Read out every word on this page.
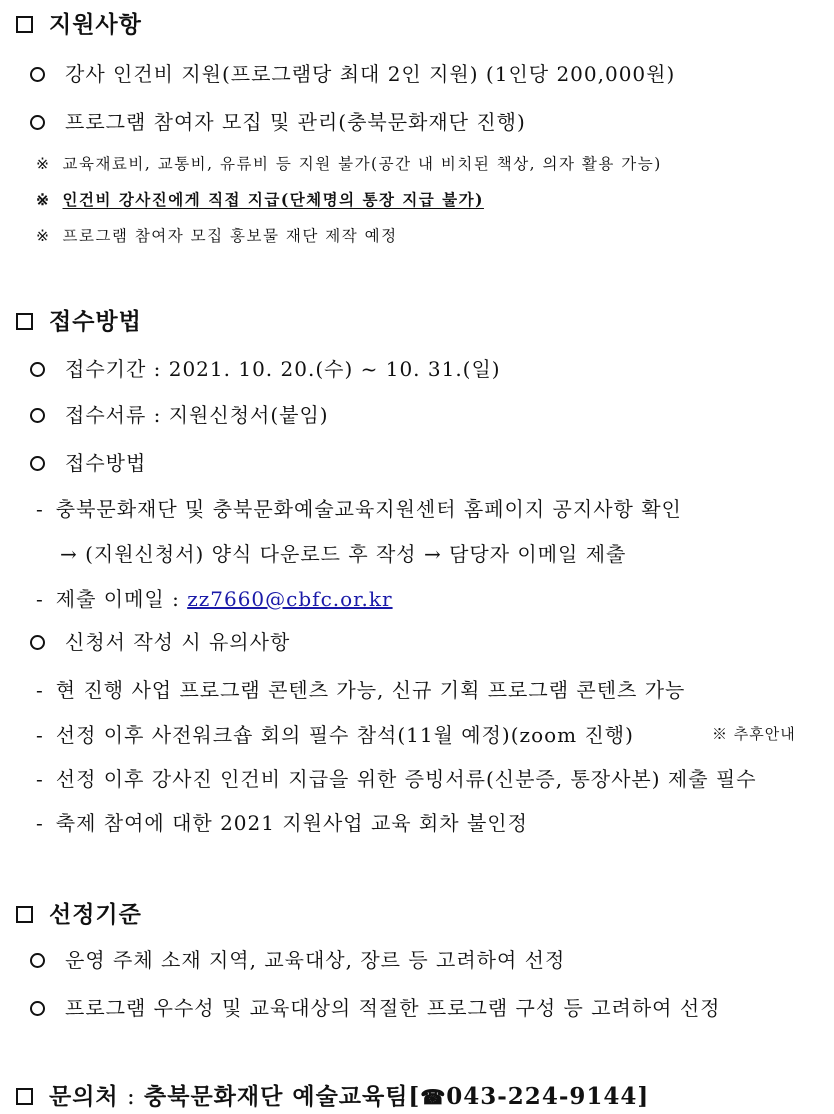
지원사항
강사 인건비 지원(프로그램당 최대 2인 지원) (1인당 200,000원)
프로그램 참여자 모집 및 관리(충북문화재단 진행)
※ 교육재료비, 교통비, 유류비 등 지원 불가(공간 내 비치된 책상, 의자 활용 가능)
※ 인건비 강사진에게 직접 지급(단체명의 통장 지급 불가)
※ 프로그램 참여자 모집 홍보물 재단 제작 예정
접수방법
접수기간 : 2021. 10. 20.(수) ~ 10. 31.(일)
접수서류 : 지원신청서(붙임)
접수방법
- 충북문화재단 및 충북문화예술교육지원센터 홈페이지 공지사항 확인
→ (지원신청서) 양식 다운로드 후 작성 → 담당자 이메일 제출
- 제출 이메일 : zz7660@cbfc.or.kr
신청서 작성 시 유의사항
- 현 진행 사업 프로그램 콘텐츠 가능, 신규 기획 프로그램 콘텐츠 가능
- 선정 이후 사전워크숍 회의 필수 참석(11월 예정)(zoom 진행)	※ 추후안내
- 선정 이후 강사진 인건비 지급을 위한 증빙서류(신분증, 통장사본) 제출 필수
- 축제 참여에 대한 2021 지원사업 교육 회차 불인정
선정기준
운영 주체 소재 지역, 교육대상, 장르 등 고려하여 선정
프로그램 우수성 및 교육대상의 적절한 프로그램 구성 등 고려하여 선정
문의처 : 충북문화재단 예술교육팀[☎043-224-9144]
